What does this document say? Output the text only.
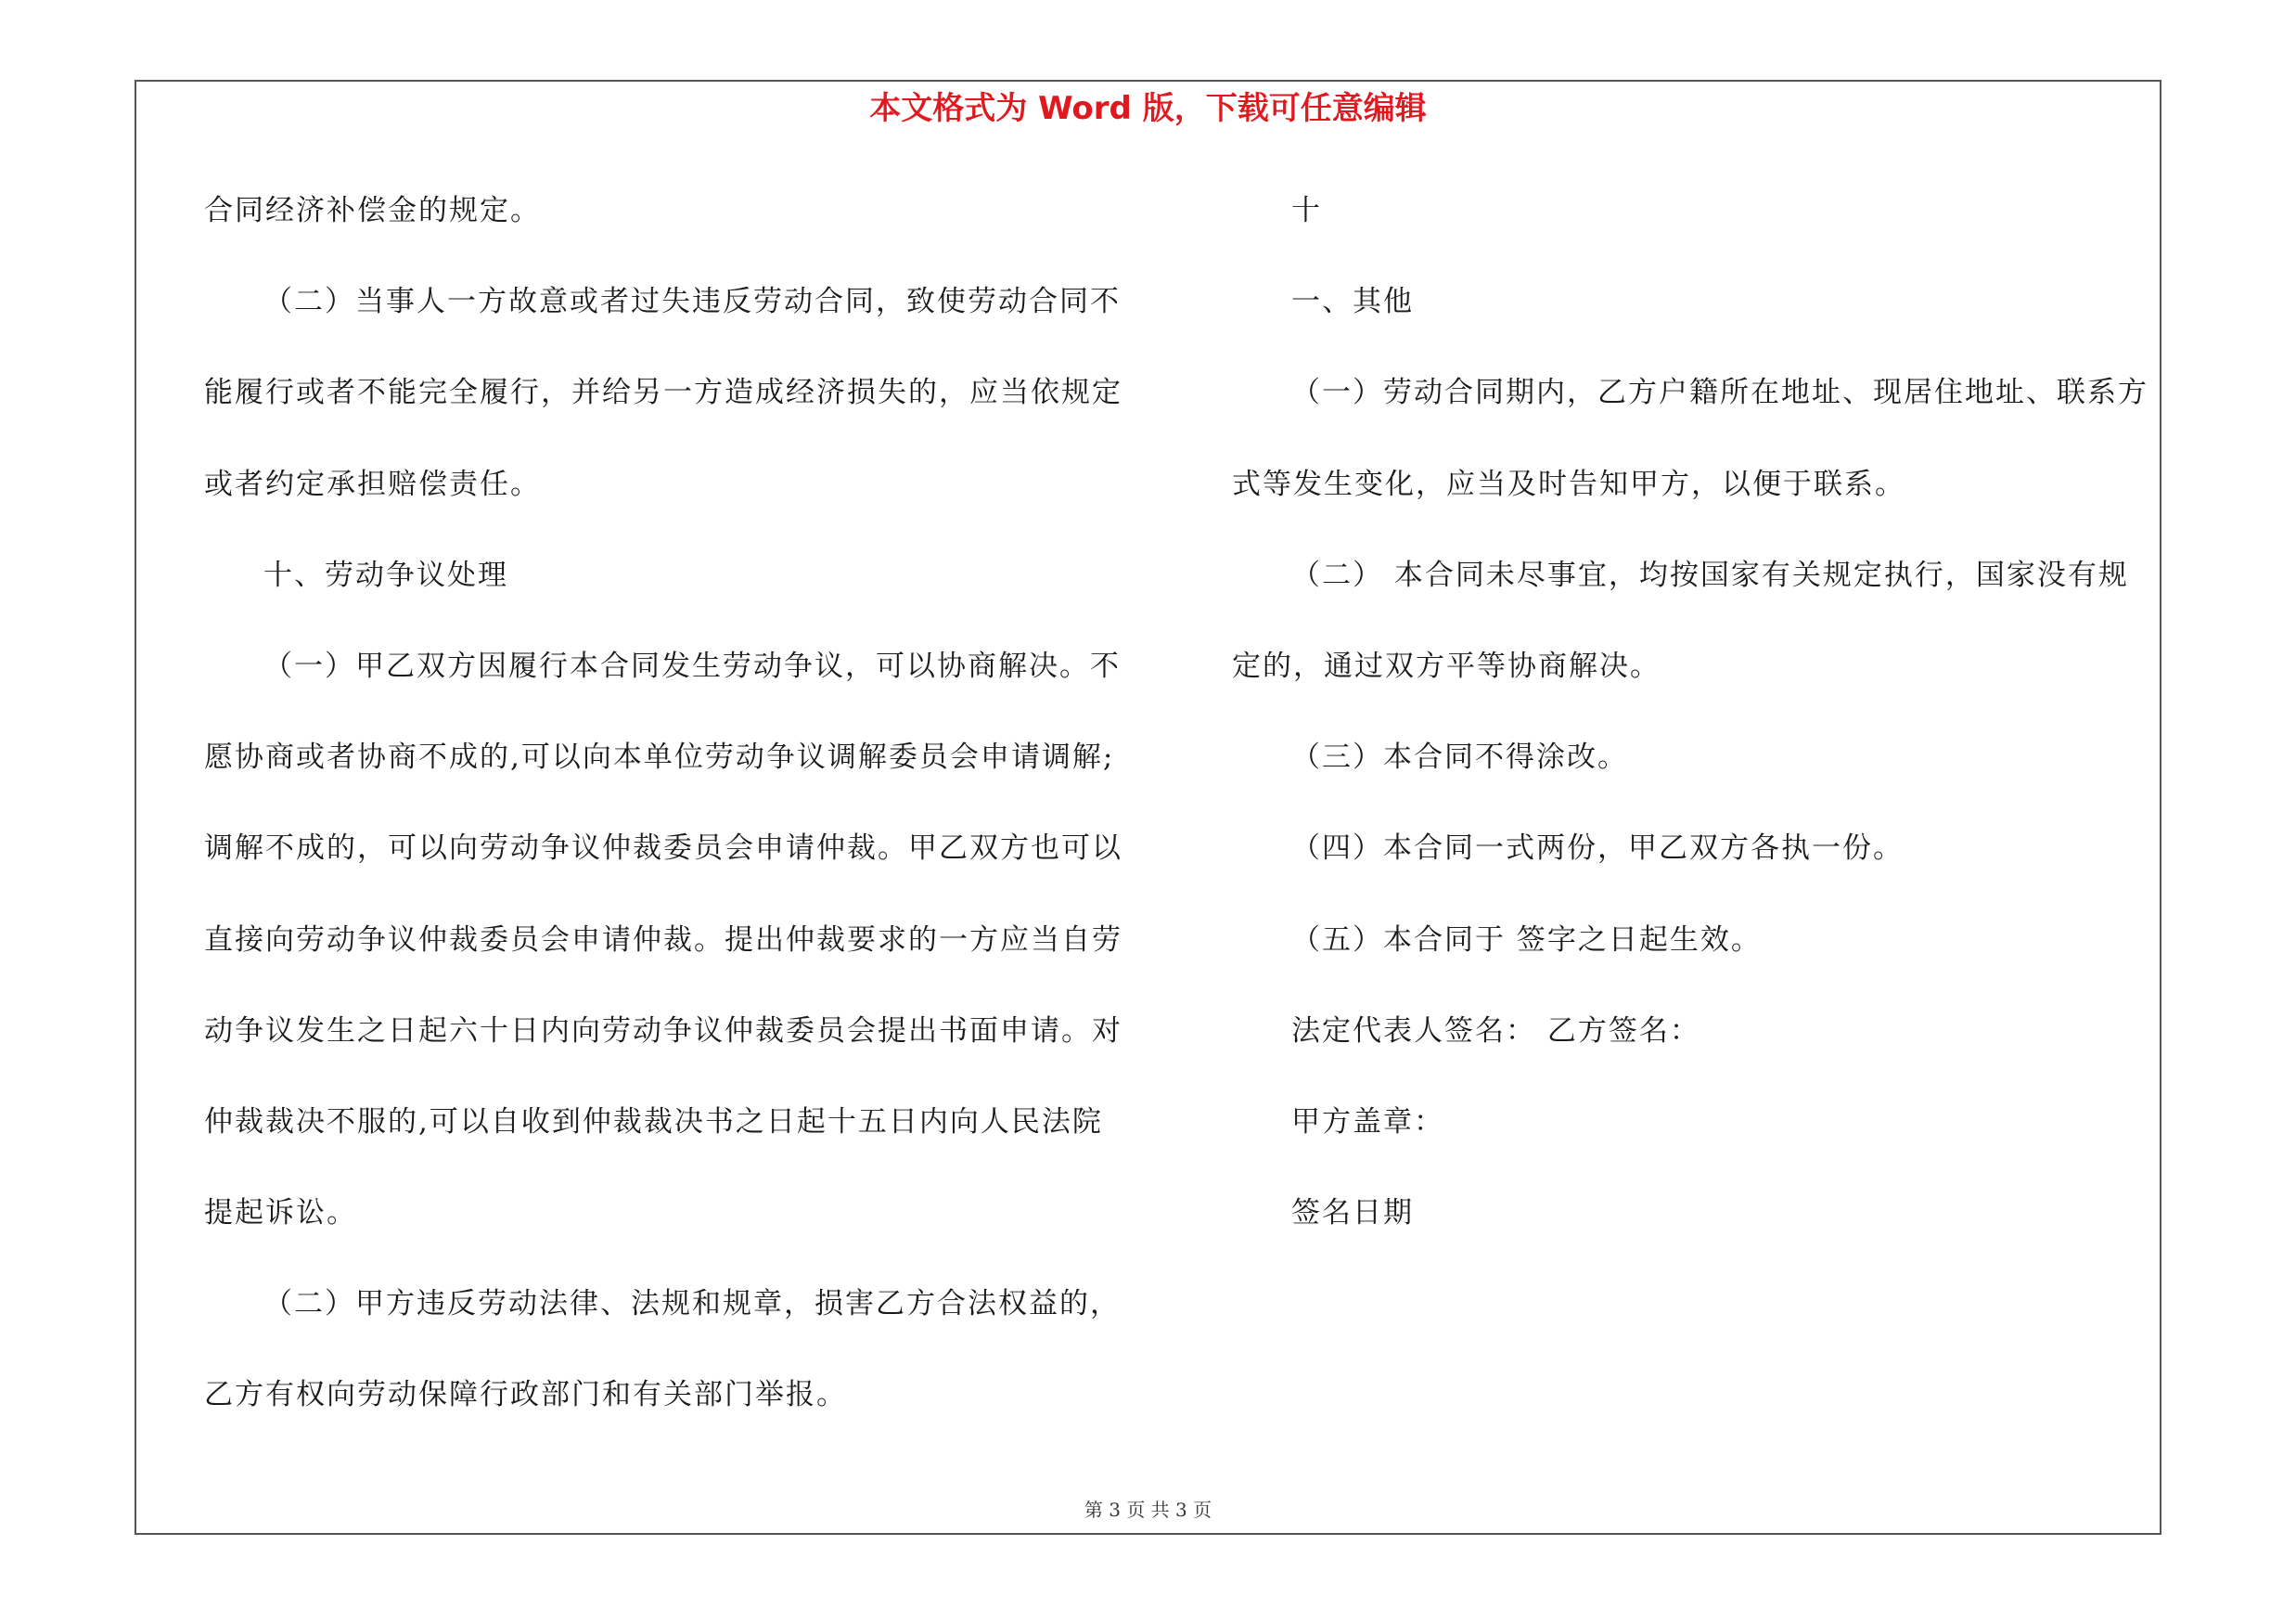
本文格式为 Word 版，下载可任意编辑
合同经济补偿金的规定。
（二）当事人一方故意或者过失违反劳动合同，致使劳动合同不
能履行或者不能完全履行，并给另一方造成经济损失的，应当依规定
或者约定承担赔偿责任。
十、劳动争议处理
（一）甲乙双方因履行本合同发生劳动争议，可以协商解决。不
愿协商或者协商不成的,可以向本单位劳动争议调解委员会申请调解;
调解不成的，可以向劳动争议仲裁委员会申请仲裁。甲乙双方也可以
直接向劳动争议仲裁委员会申请仲裁。提出仲裁要求的一方应当自劳
动争议发生之日起六十日内向劳动争议仲裁委员会提出书面申请。对
仲裁裁决不服的,可以自收到仲裁裁决书之日起十五日内向人民法院
提起诉讼。
（二）甲方违反劳动法律、法规和规章，损害乙方合法权益的，
乙方有权向劳动保障行政部门和有关部门举报。
十
一、其他
（一）劳动合同期内，乙方户籍所在地址、现居住地址、联系方
式等发生变化，应当及时告知甲方，以便于联系。
（二） 本合同未尽事宜，均按国家有关规定执行，国家没有规
定的，通过双方平等协商解决。
（三）本合同不得涂改。
（四）本合同一式两份，甲乙双方各执一份。
（五）本合同于 签字之日起生效。
法定代表人签名： 乙方签名：
甲方盖章：
签名日期
第 3 页 共 3 页
